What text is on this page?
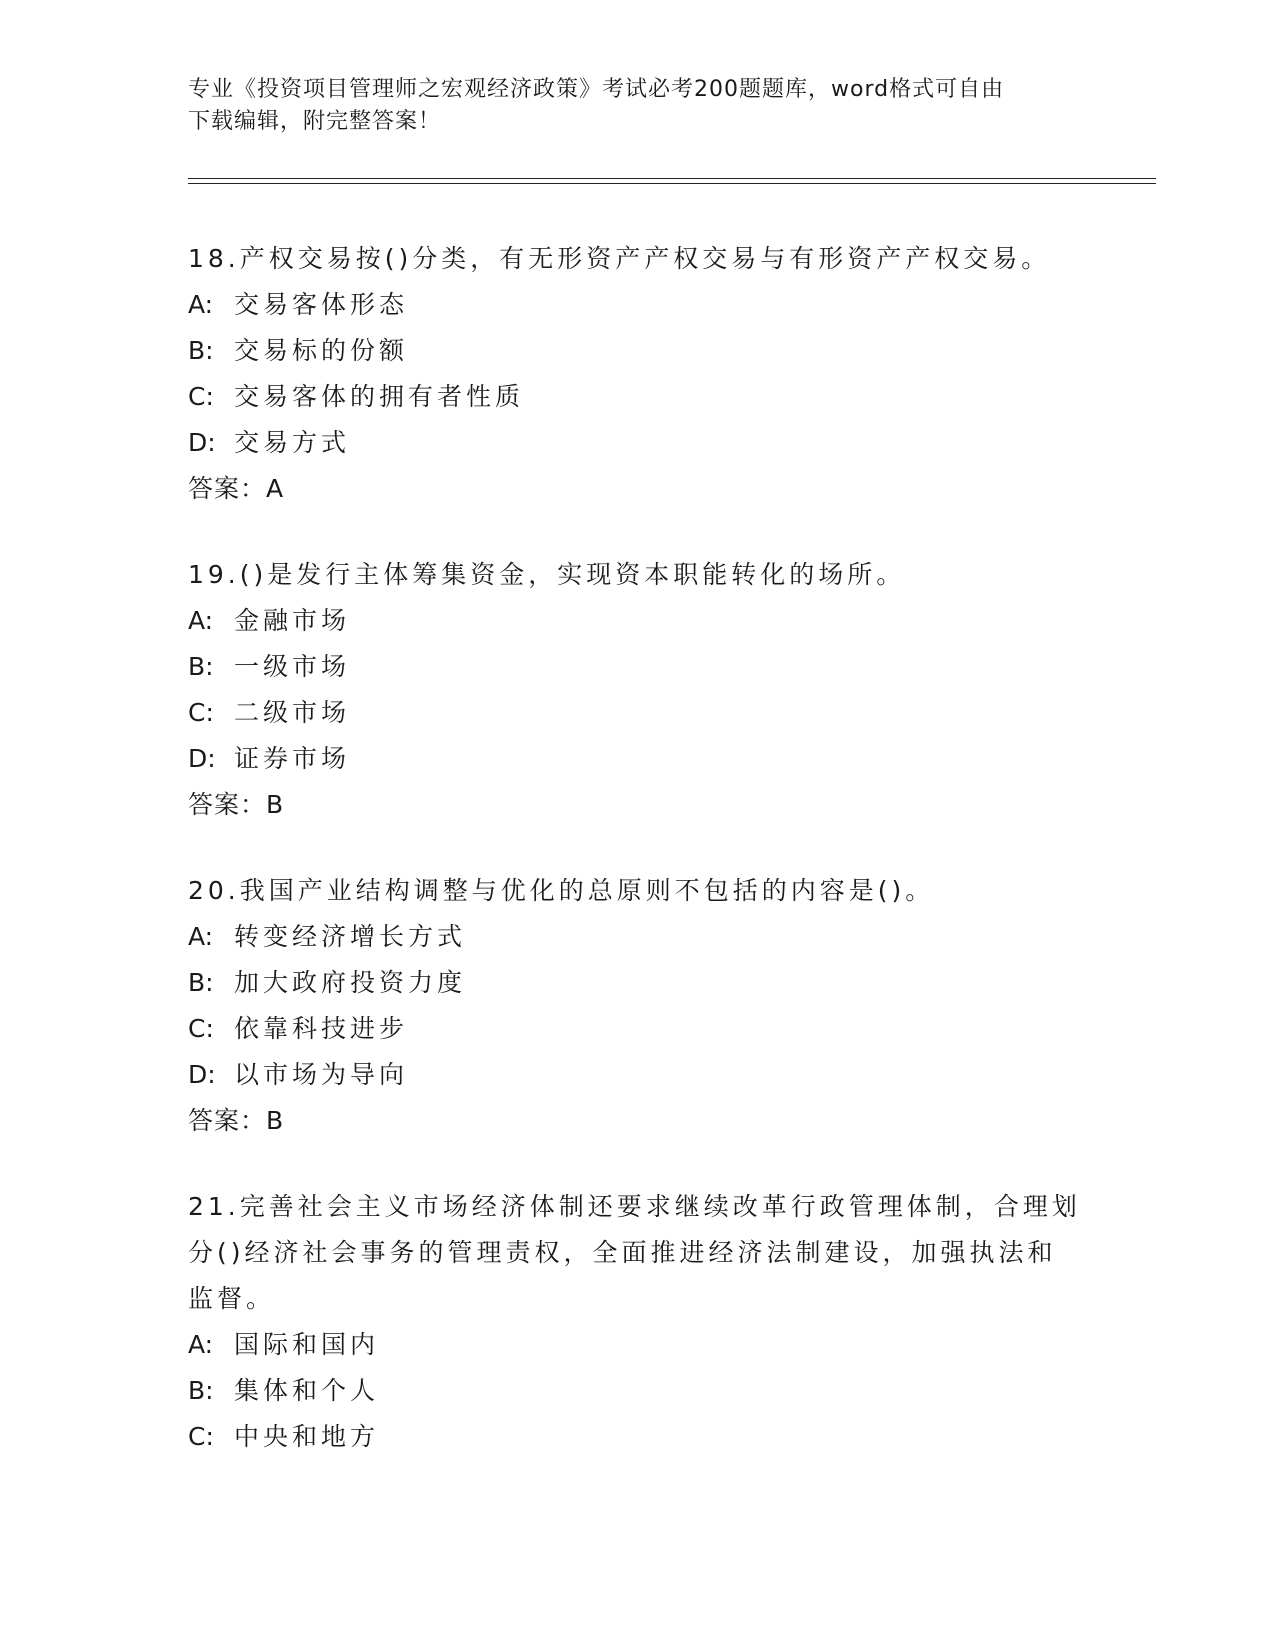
专业《投资项目管理师之宏观经济政策》考试必考200题题库，word格式可自由
下载编辑，附完整答案！

18.产权交易按()分类，有无形资产产权交易与有形资产产权交易。

A: 交易客体形态
B: 交易标的份额
C: 交易客体的拥有者性质
D: 交易方式

答案：A

19.()是发行主体筹集资金，实现资本职能转化的场所。

A: 金融市场
B: 一级市场
C: 二级市场
D: 证券市场

答案：B

20.我国产业结构调整与优化的总原则不包括的内容是()。

A: 转变经济增长方式
B: 加大政府投资力度
C: 依靠科技进步
D: 以市场为导向

答案：B

21.完善社会主义市场经济体制还要求继续改革行政管理体制，合理划

分()经济社会事务的管理责权，全面推进经济法制建设，加强执法和

监督。

A: 国际和国内
B: 集体和个人
C: 中央和地方
